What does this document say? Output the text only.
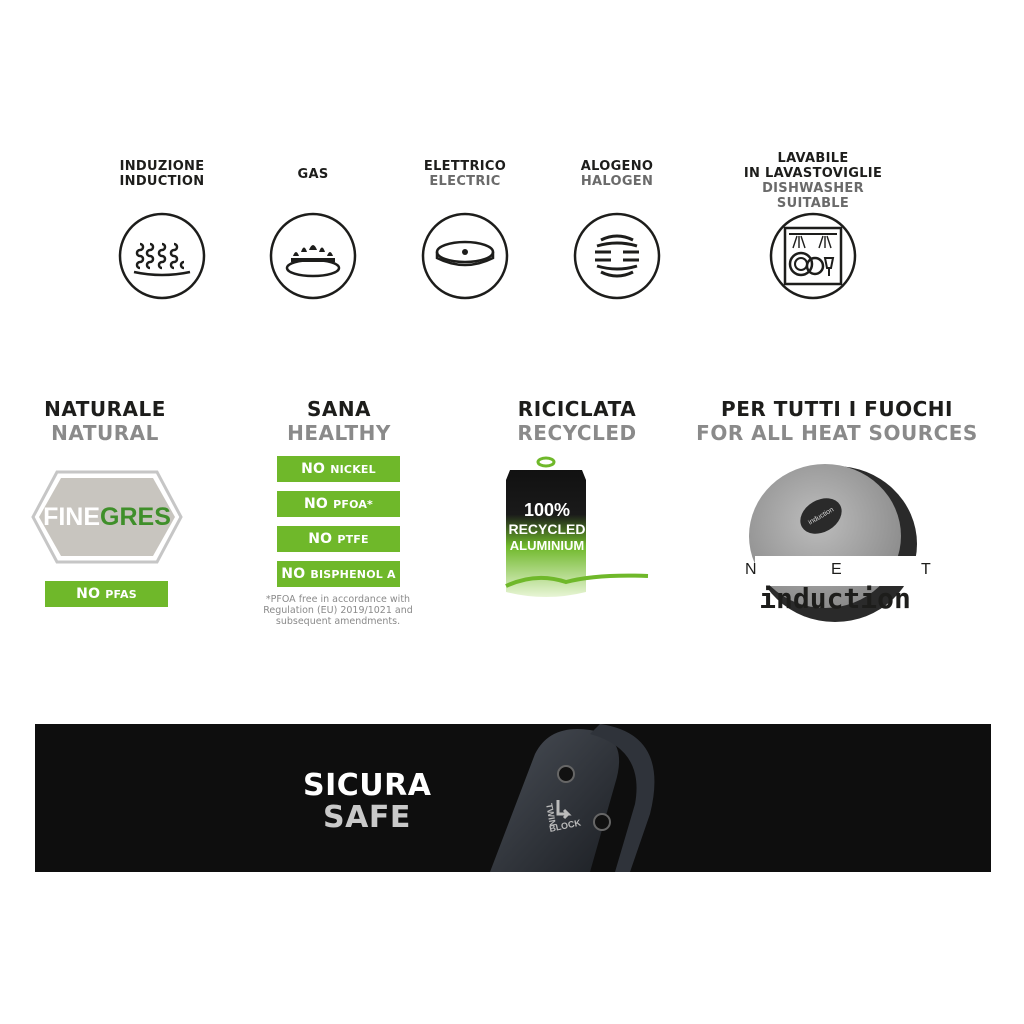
INDUZIONE
INDUCTION	GAS
ELETTRICO
ELECTRIC
ALOGENO
HALOGEN
LAVABILE
IN LAVASTOVIGLIE
DISHWASHER SUITABLE
NATURALE
NATURAL
SANA
HEALTHY
RICICLATA
RECYCLED
PER TUTTI I FUOCHI
FOR ALL HEAT SOURCES
FINEGRES
NO PFAS
NO NICKEL
NO PFOA*
NO PTFE
NO BISPHENOL A
*PFOA free in accordance with Regulation (EU) 2019/1021 and subsequent amendments.
100%
RECYCLED
ALUMINIUM
induction
N	E	T
induction
TWIN
BLOCK
SICURA
SAFE
